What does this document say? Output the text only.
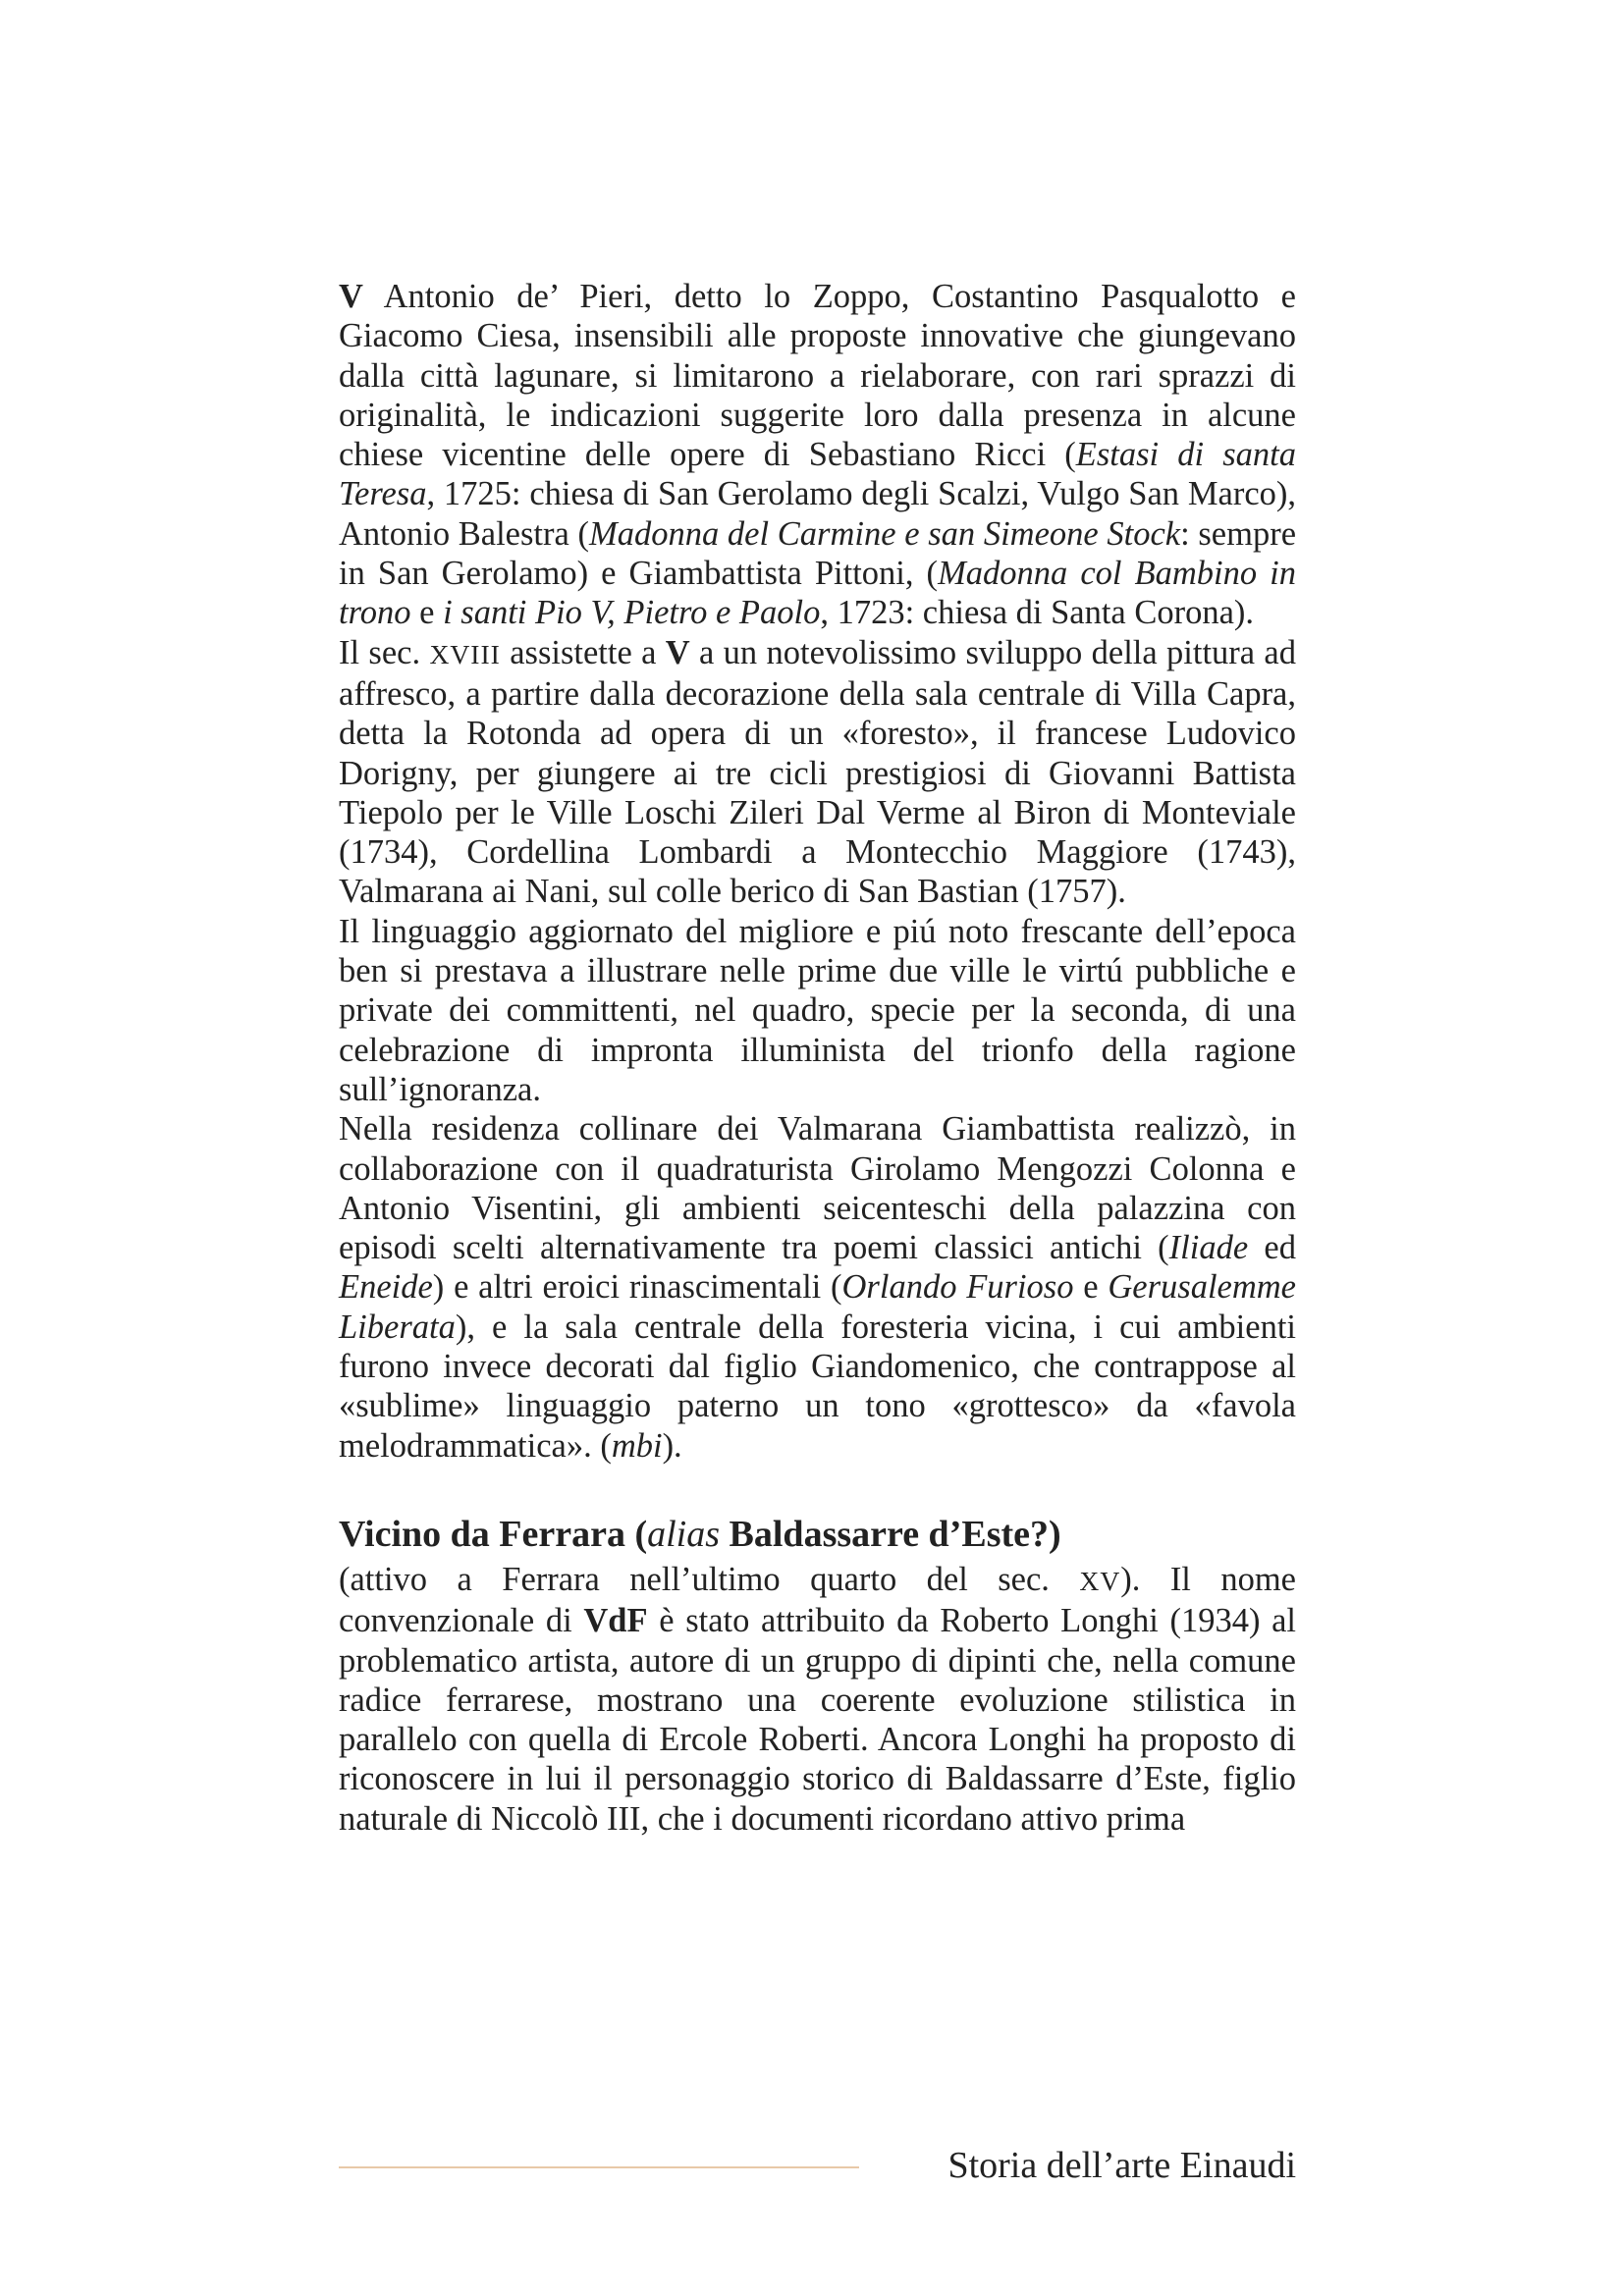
V Antonio de’ Pieri, detto lo Zoppo, Costantino Pasqualotto e Giacomo Ciesa, insensibili alle proposte innovative che giungevano dalla città lagunare, si limitarono a rielaborare, con rari sprazzi di originalità, le indicazioni suggerite loro dalla presenza in alcune chiese vicentine delle opere di Sebastiano Ricci (Estasi di santa Teresa, 1725: chiesa di San Gerolamo degli Scalzi, Vulgo San Marco), Antonio Balestra (Madonna del Carmine e san Simeone Stock: sempre in San Gerolamo) e Giambattista Pittoni, (Madonna col Bambino in trono e i santi Pio V, Pietro e Paolo, 1723: chiesa di Santa Corona).

Il sec. XVIII assistette a V a un notevolissimo sviluppo della pittura ad affresco, a partire dalla decorazione della sala centrale di Villa Capra, detta la Rotonda ad opera di un «foresto», il francese Ludovico Dorigny, per giungere ai tre cicli prestigiosi di Giovanni Battista Tiepolo per le Ville Loschi Zileri Dal Verme al Biron di Monteviale (1734), Cordellina Lombardi a Montecchio Maggiore (1743), Valmarana ai Nani, sul colle berico di San Bastian (1757).

Il linguaggio aggiornato del migliore e piú noto frescante dell’epoca ben si prestava a illustrare nelle prime due ville le virtú pubbliche e private dei committenti, nel quadro, specie per la seconda, di una celebrazione di impronta illuminista del trionfo della ragione sull’ignoranza.

Nella residenza collinare dei Valmarana Giambattista realizzò, in collaborazione con il quadraturista Girolamo Mengozzi Colonna e Antonio Visentini, gli ambienti seicenteschi della palazzina con episodi scelti alternativamente tra poemi classici antichi (Iliade ed Eneide) e altri eroici rinascimentali (Orlando Furioso e Gerusalemme Liberata), e la sala centrale della foresteria vicina, i cui ambienti furono invece decorati dal figlio Giandomenico, che contrappose al «sublime» linguaggio paterno un tono «grottesco» da «favola melodrammatica». (mbi).

Vicino da Ferrara (alias Baldassarre d’Este?)

(attivo a Ferrara nell’ultimo quarto del sec. XV). Il nome convenzionale di VdF è stato attribuito da Roberto Longhi (1934) al problematico artista, autore di un gruppo di dipinti che, nella comune radice ferrarese, mostrano una coerente evoluzione stilistica in parallelo con quella di Ercole Roberti. Ancora Longhi ha proposto di riconoscere in lui il personaggio storico di Baldassarre d’Este, figlio naturale di Niccolò III, che i documenti ricordano attivo prima

Storia dell’arte Einaudi
